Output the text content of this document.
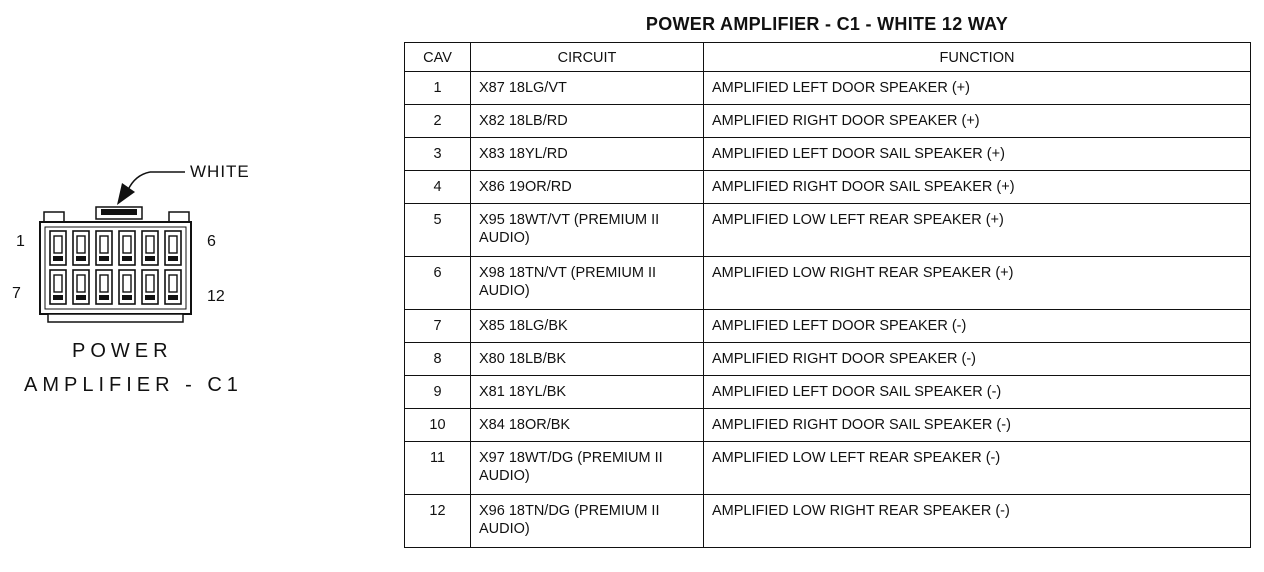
WHITE
1	6
7	12
POWER
AMPLIFIER - C1
POWER AMPLIFIER - C1 - WHITE 12 WAY
CAV	CIRCUIT	FUNCTION
1	X87 18LG/VT	AMPLIFIED LEFT DOOR SPEAKER (+)
2	X82 18LB/RD	AMPLIFIED RIGHT DOOR SPEAKER (+)
3	X83 18YL/RD	AMPLIFIED LEFT DOOR SAIL SPEAKER (+)
4	X86 19OR/RD	AMPLIFIED RIGHT DOOR SAIL SPEAKER (+)
5	X95 18WT/VT (PREMIUM II AUDIO)	AMPLIFIED LOW LEFT REAR SPEAKER (+)
6	X98 18TN/VT (PREMIUM II AUDIO)	AMPLIFIED LOW RIGHT REAR SPEAKER (+)
7	X85 18LG/BK	AMPLIFIED LEFT DOOR SPEAKER (-)
8	X80 18LB/BK	AMPLIFIED RIGHT DOOR SPEAKER (-)
9	X81 18YL/BK	AMPLIFIED LEFT DOOR SAIL SPEAKER (-)
10	X84 18OR/BK	AMPLIFIED RIGHT DOOR SAIL SPEAKER (-)
11	X97 18WT/DG (PREMIUM II AUDIO)	AMPLIFIED LOW LEFT REAR SPEAKER (-)
12	X96 18TN/DG (PREMIUM II AUDIO)	AMPLIFIED LOW RIGHT REAR SPEAKER (-)
